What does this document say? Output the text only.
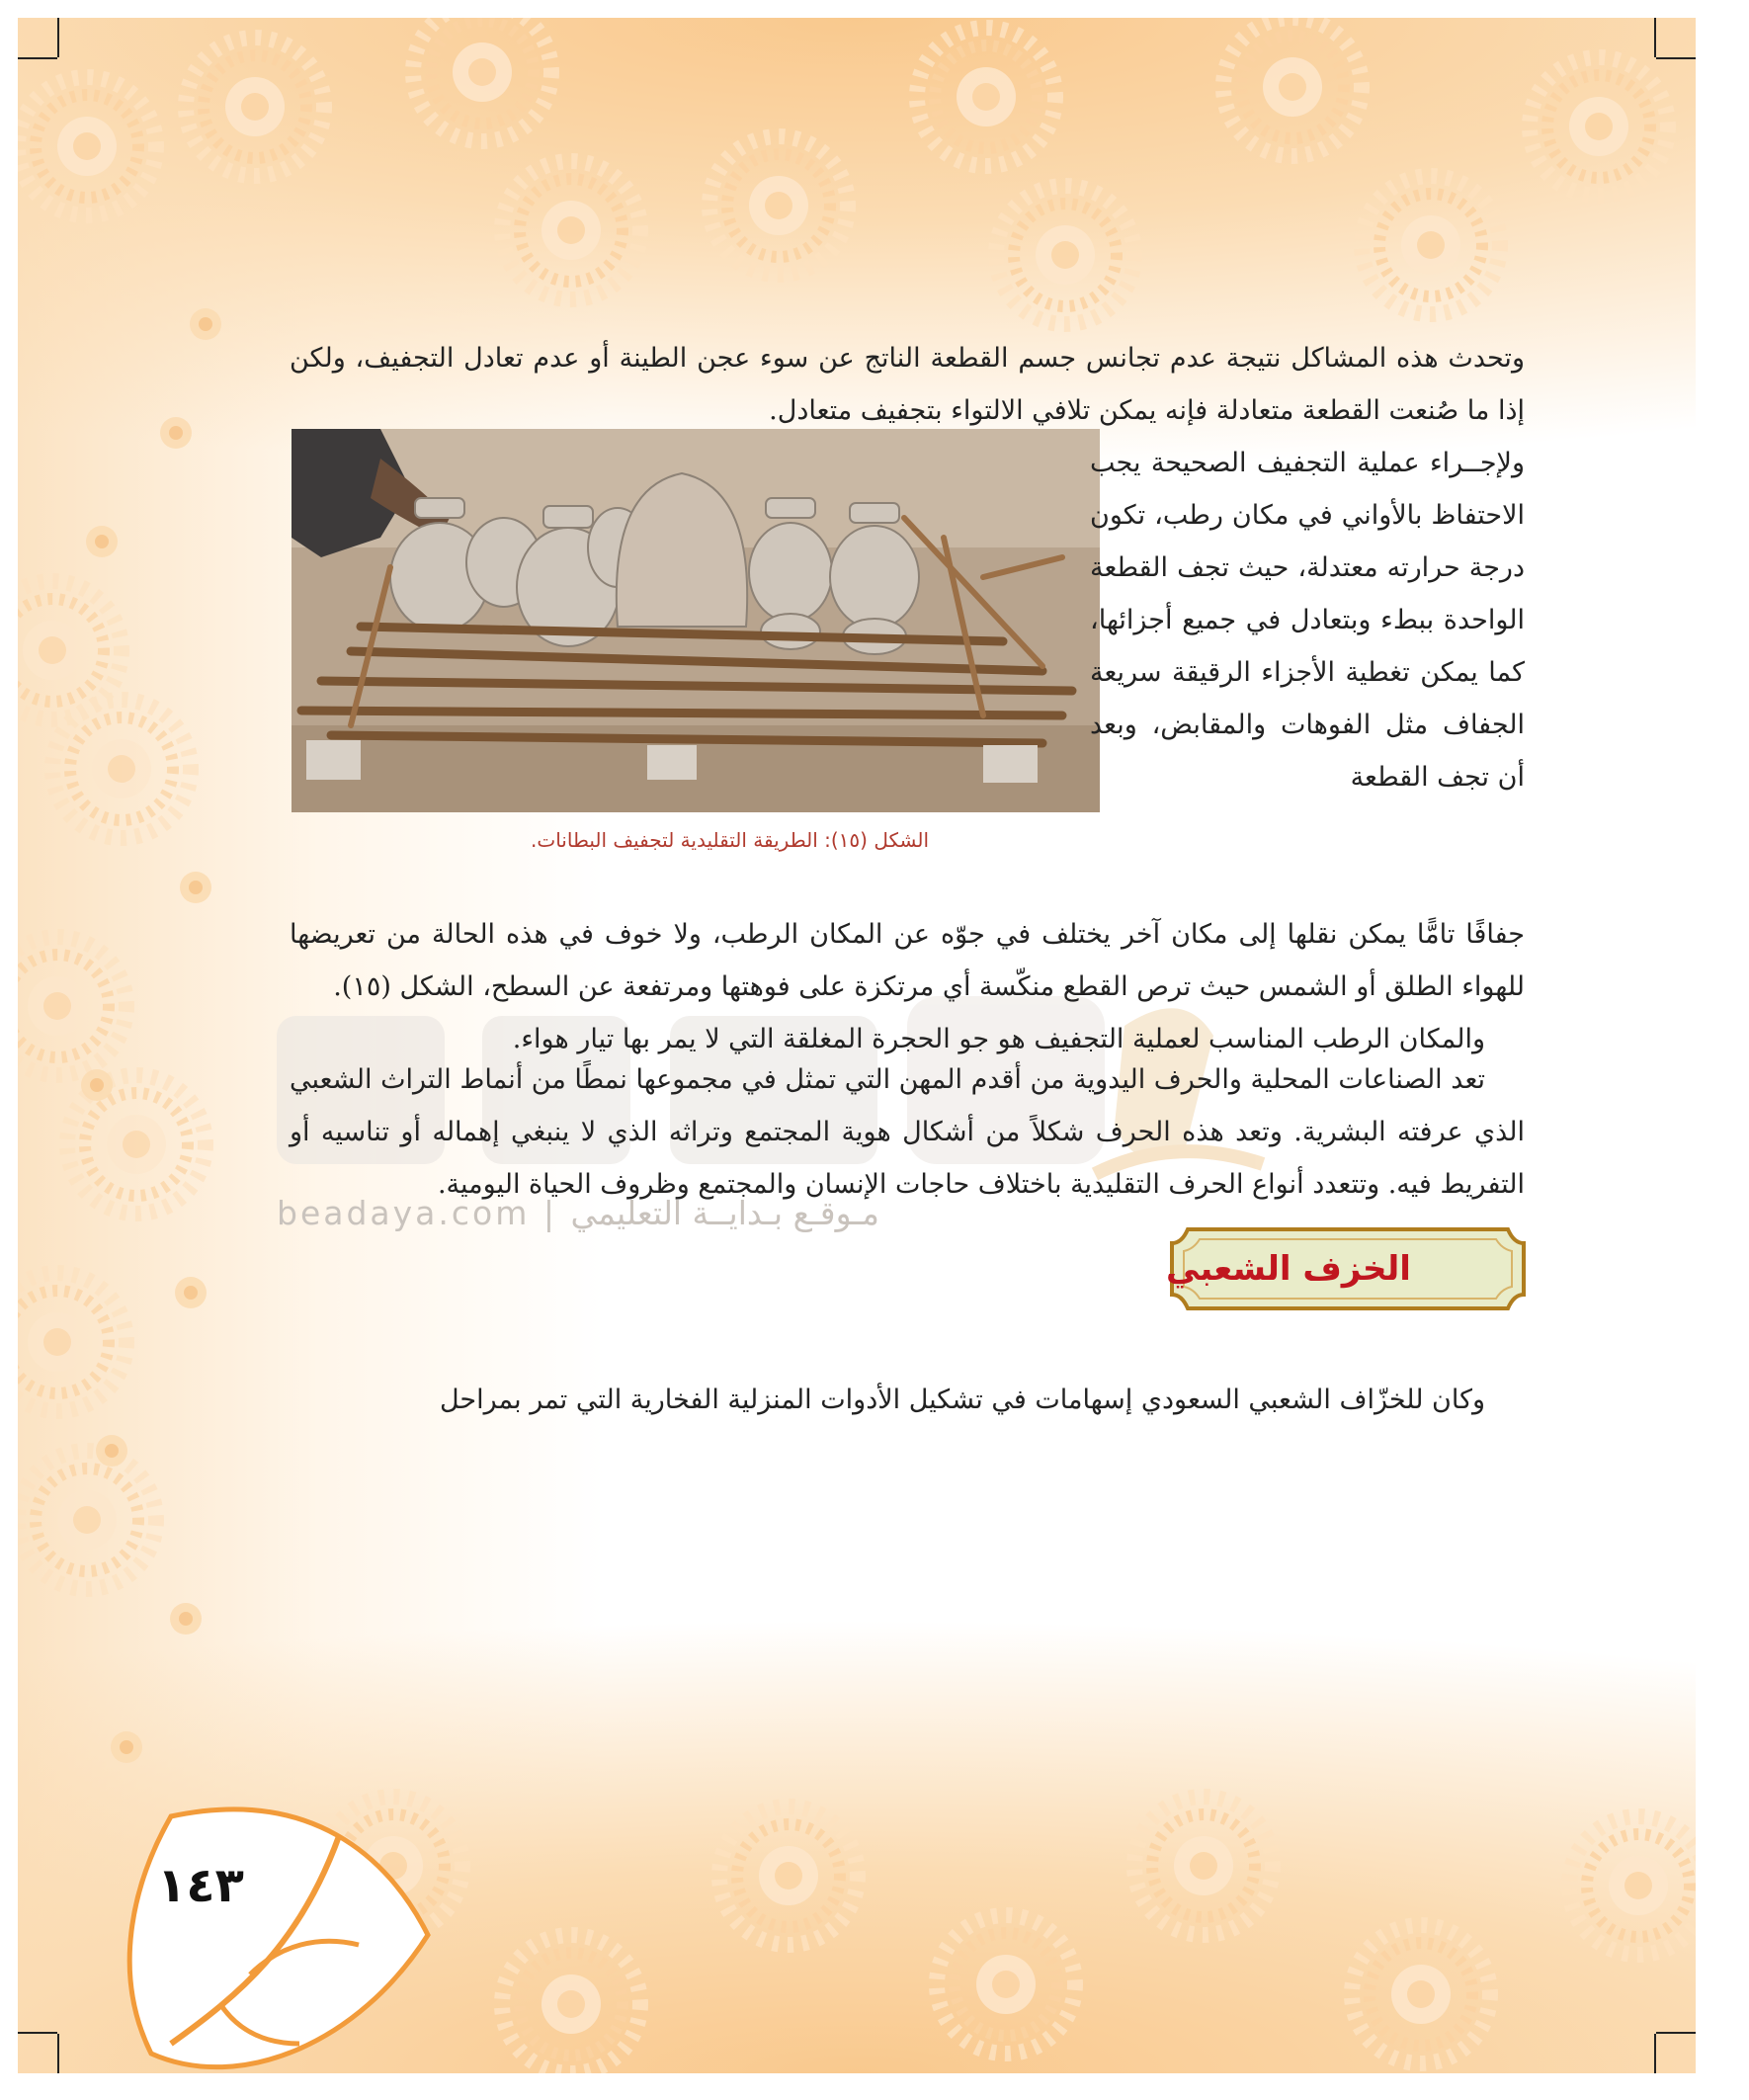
وتحدث هذه المشاكل نتيجة عدم تجانس جسم القطعة الناتج عن سوء عجن الطينة أو عدم تعادل التجفيف، ولكن إذا ما صُنعت القطعة متعادلة فإنه يمكن تلافي الالتواء بتجفيف متعادل.

ولإجــراء عملية التجفيف الصحيحة يجب الاحتفاظ بالأواني في مكان رطب، تكون درجة حرارته معتدلة، حيث تجف القطعة الواحدة ببطء وبتعادل في جميع أجزائها، كما يمكن تغطية الأجزاء الرقيقة سريعة الجفاف مثل الفوهات والمقابض، وبعد أن تجف القطعة

الشكل (١٥): الطريقة التقليدية لتجفيف البطانات.
جفافًا تامًّا يمكن نقلها إلى مكان آخر يختلف في جوّه عن المكان الرطب، ولا خوف في هذه الحالة من تعريضها للهواء الطلق أو الشمس حيث ترص القطع منكّسة أي مرتكزة على فوهتها ومرتفعة عن السطح، الشكل (١٥).
والمكان الرطب المناسب لعملية التجفيف هو جو الحجرة المغلقة التي لا يمر بها تيار هواء.
beadaya.com | مـوقـع بـدايــة التعليمي
الخزف الشعبي

تعد الصناعات المحلية والحرف اليدوية من أقدم المهن التي تمثل في مجموعها نمطًا من أنماط التراث الشعبي الذي عرفته البشرية. وتعد هذه الحرف شكلاً من أشكال هوية المجتمع وتراثه الذي لا ينبغي إهماله أو تناسيه أو التفريط فيه. وتتعدد أنواع الحرف التقليدية باختلاف حاجات الإنسان والمجتمع وظروف الحياة اليومية.

وكان للخزّاف الشعبي السعودي إسهامات في تشكيل الأدوات المنزلية الفخارية التي تمر بمراحل

١٤٣
